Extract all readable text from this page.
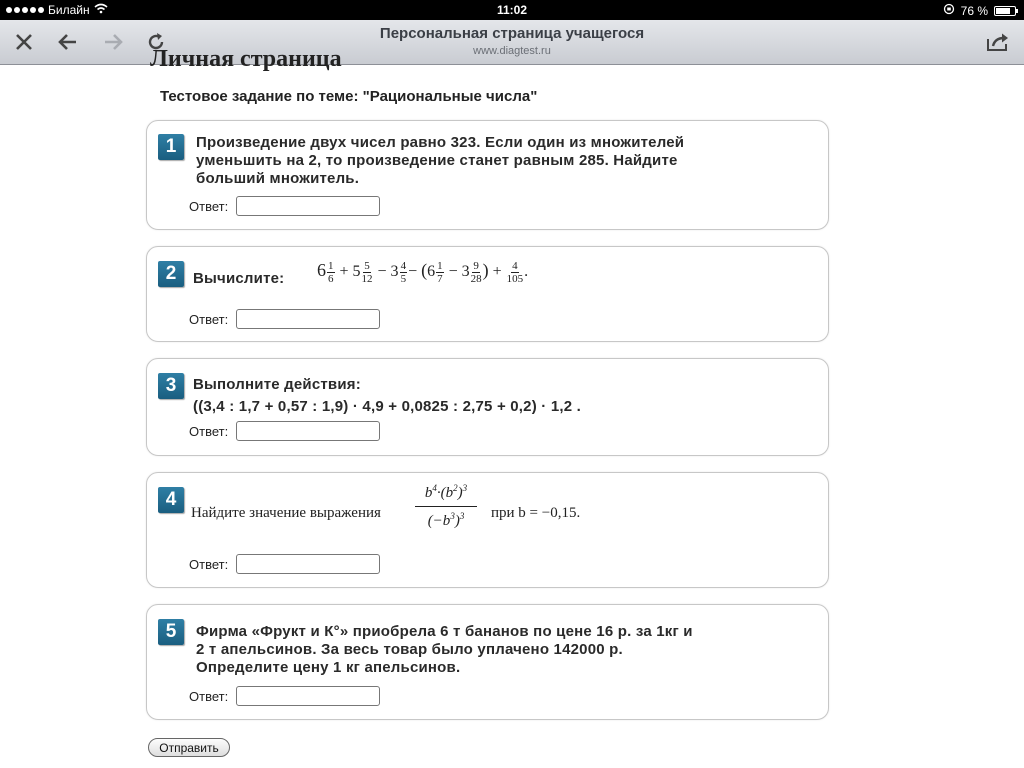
Билайн	11:02	76 %
Персональная страница учащегося
www.diagtest.ru
Личная страница
Тестовое задание по теме: "Рациональные числа"
1	Произведение двух чисел равно 323. Если один из множителей
уменьшить на 2, то произведение станет равным 285. Найдите
больший множитель.
Ответ:
2	Вычислите: $6 \frac{1}{6} + 5 \frac{5}{12} - 3 \frac{4}{5} - (6 \frac{1}{7} - 3 \frac{9}{28}$ ) + $\frac{4}{105}$ .
Ответ:
3	Выполните действия:
((3,4 : 1,7 + 0,57 : 1,9) · 4,9 + 0,0825 : 2,75 + 0,2) · 1,2 .
Ответ:
4
Найдите значение выражения
$b^4\cdot(b^2)^3$
$(-b^3)^3$	при b = −0,15.
Ответ:
5	Фирма «Фрукт и К°» приобрела 6 т бананов по цене 16 р. за 1кг и
2 т апельсинов. За весь товар было уплачено 142000 р.
Определите цену 1 кг апельсинов.
Ответ:
Отправить
